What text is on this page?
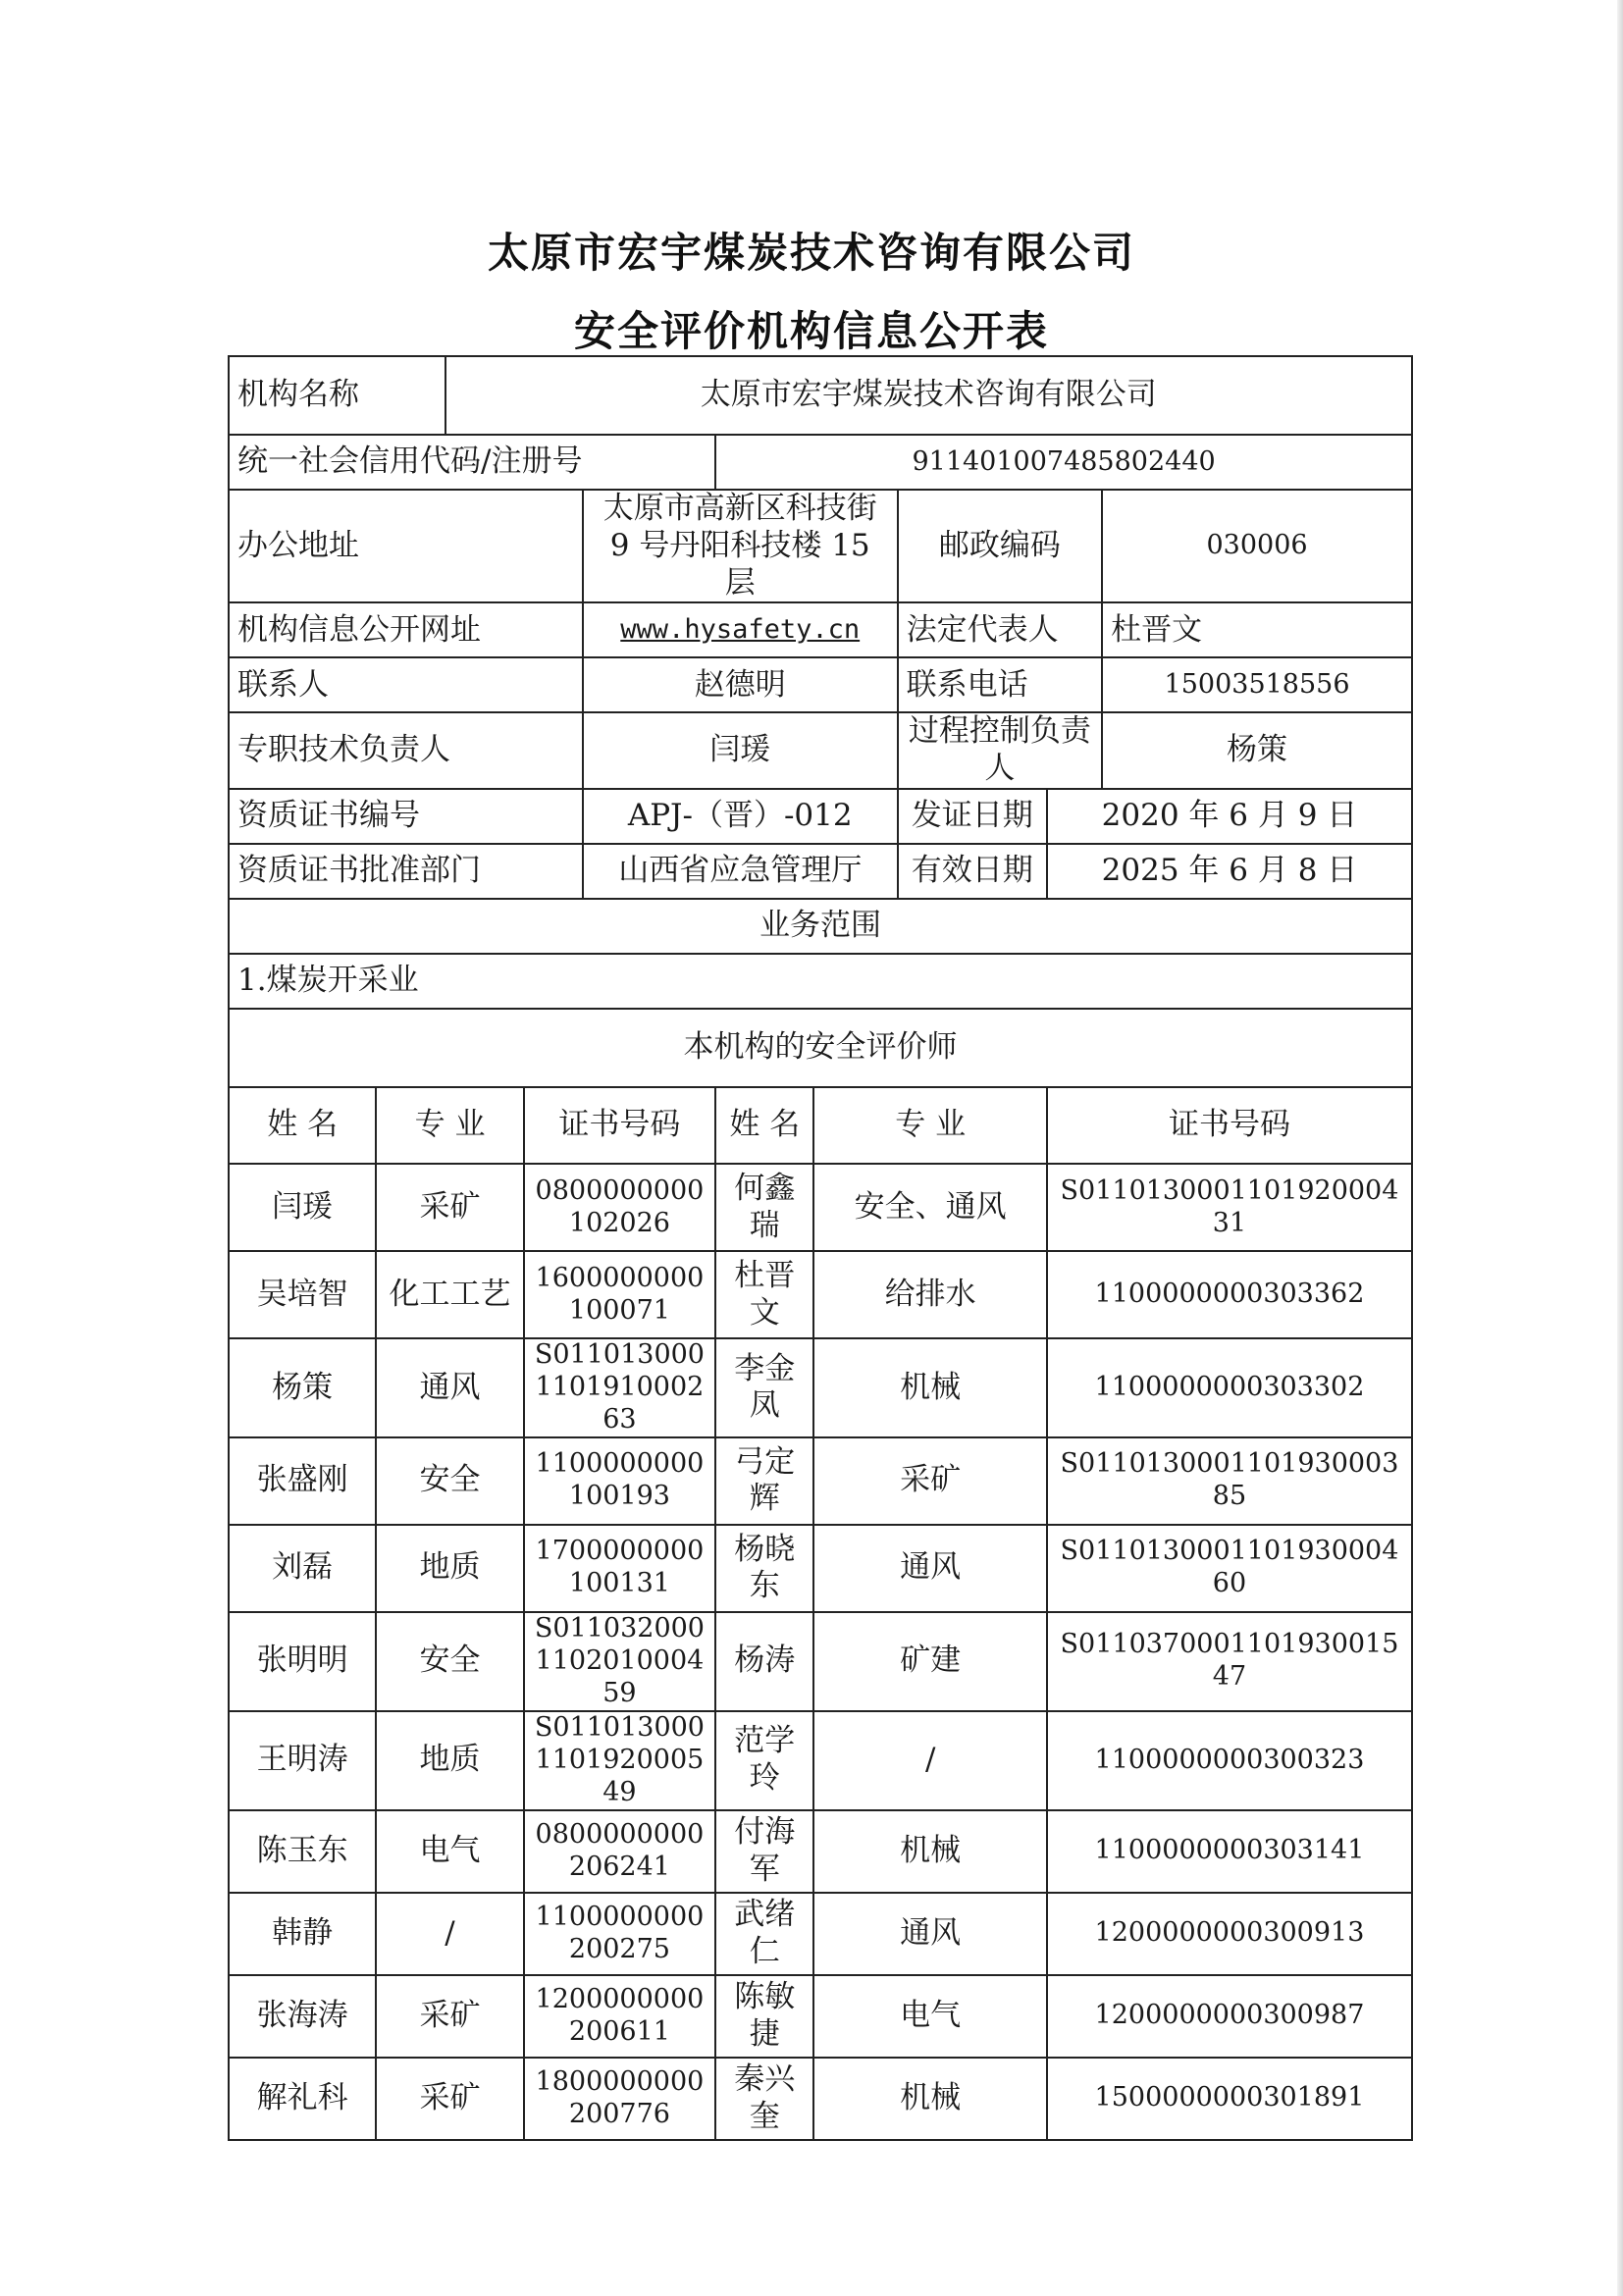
太原市宏宇煤炭技术咨询有限公司
安全评价机构信息公开表
机构名称		太原市宏宇煤炭技术咨询有限公司							
统一社会信用代码/注册号					911401007485802440				
办公地址				太原市高新区科技街 9 号丹阳科技楼 15 层			邮政编码		030006
机构信息公开网址				www.hysafety.cn			法定代表人		杜晋文
联系人				赵德明			联系电话		15003518556
专职技术负责人				闫瑗			过程控制负责人		杨策
资质证书编号				APJ-（晋）-012			发证日期	2020 年 6 月 9 日	
资质证书批准部门				山西省应急管理厅			有效日期	2025 年 6 月 8 日	
业务范围									
1.煤炭开采业									
本机构的安全评价师									
姓 名	专 业		证书号码		姓 名	专 业		证书号码	
闫瑗	采矿		0800000000102026		何鑫瑞	安全、通风		S011013000110192000431	
吴培智	化工工艺		1600000000100071		杜晋文	给排水		1100000000303362	
杨策	通风		S011013000110191000263		李金凤	机械		1100000000303302	
张盛刚	安全		1100000000100193		弓定辉	采矿		S011013000110193000385	
刘磊	地质		1700000000100131		杨晓东	通风		S011013000110193000460	
张明明	安全		S011032000110201000459		杨涛	矿建		S011037000110193001547	
王明涛	地质		S011013000110192000549		范学玲	/		1100000000300323	
陈玉东	电气		0800000000206241		付海军	机械		1100000000303141	
韩静	/		1100000000200275		武绪仁	通风		1200000000300913	
张海涛	采矿		1200000000200611		陈敏捷	电气		1200000000300987	
解礼科	采矿		1800000000200776		秦兴奎	机械		1500000000301891	
